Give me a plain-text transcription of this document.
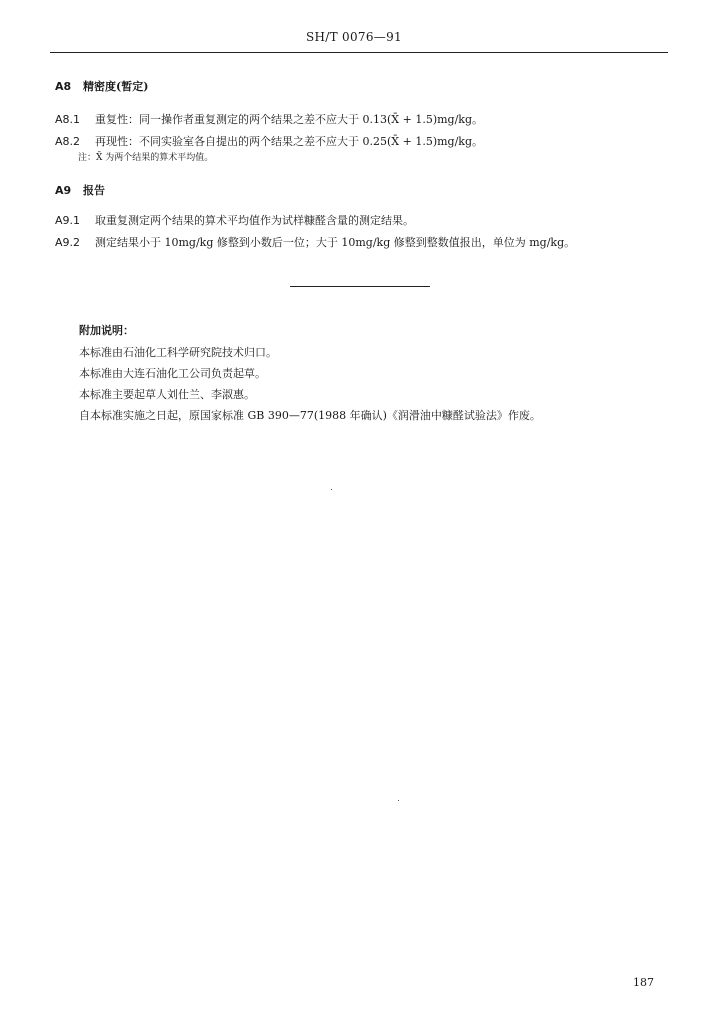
SH/T 0076—91
A8 精密度(暂定)
A8.1 重复性：同一操作者重复测定的两个结果之差不应大于 0.13(X̄ + 1.5)mg/kg。
A8.2 再现性：不同实验室各自提出的两个结果之差不应大于 0.25(X̄ + 1.5)mg/kg。
注：X̄ 为两个结果的算术平均值。
A9 报告
A9.1 取重复测定两个结果的算术平均值作为试样糠醛含量的测定结果。
A9.2 测定结果小于 10mg/kg 修整到小数后一位；大于 10mg/kg 修整到整数值报出，单位为 mg/kg。
附加说明：
本标准由石油化工科学研究院技术归口。
本标准由大连石油化工公司负责起草。
本标准主要起草人刘仕兰、李淑惠。
自本标准实施之日起，原国家标准 GB 390—77(1988 年确认)《润滑油中糠醛试验法》作废。
187
